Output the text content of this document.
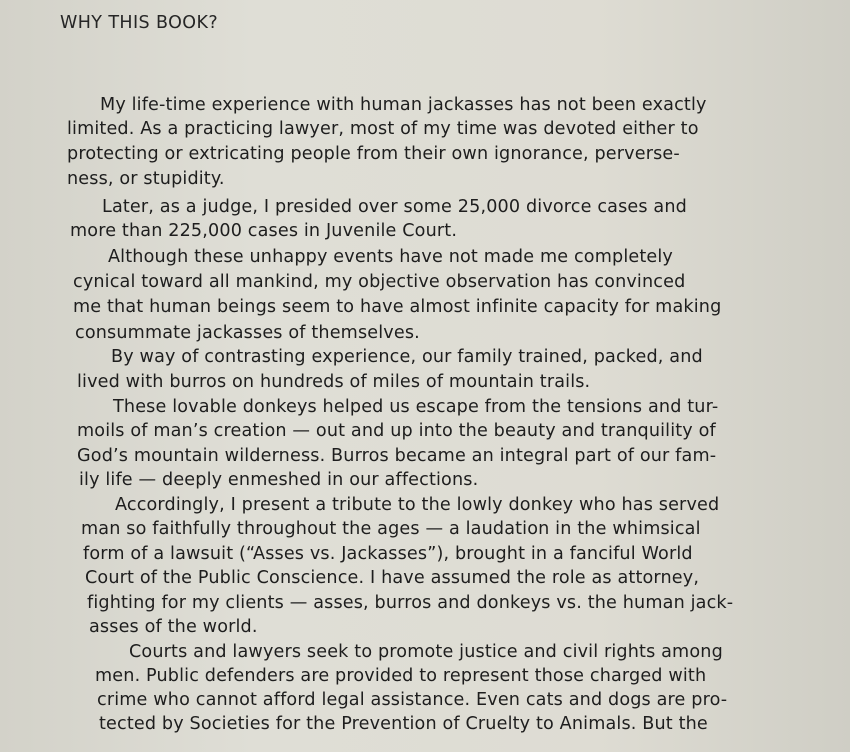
WHY THIS BOOK?
My life-time experience with human jackasses has not been exactly
limited. As a practicing lawyer, most of my time was devoted either to
protecting or extricating people from their own ignorance, perverse-
ness, or stupidity.
Later, as a judge, I presided over some 25,000 divorce cases and
more than 225,000 cases in Juvenile Court.
Although these unhappy events have not made me completely
cynical toward all mankind, my objective observation has convinced
me that human beings seem to have almost infinite capacity for making
consummate jackasses of themselves.
By way of contrasting experience, our family trained, packed, and
lived with burros on hundreds of miles of mountain trails.
These lovable donkeys helped us escape from the tensions and tur-
moils of man’s creation — out and up into the beauty and tranquility of
God’s mountain wilderness. Burros became an integral part of our fam-
ily life — deeply enmeshed in our affections.
Accordingly, I present a tribute to the lowly donkey who has served
man so faithfully throughout the ages — a laudation in the whimsical
form of a lawsuit (“Asses vs. Jackasses”), brought in a fanciful World
Court of the Public Conscience. I have assumed the role as attorney,
fighting for my clients — asses, burros and donkeys vs. the human jack-
asses of the world.
Courts and lawyers seek to promote justice and civil rights among
men. Public defenders are provided to represent those charged with
crime who cannot afford legal assistance. Even cats and dogs are pro-
tected by Societies for the Prevention of Cruelty to Animals. But the
